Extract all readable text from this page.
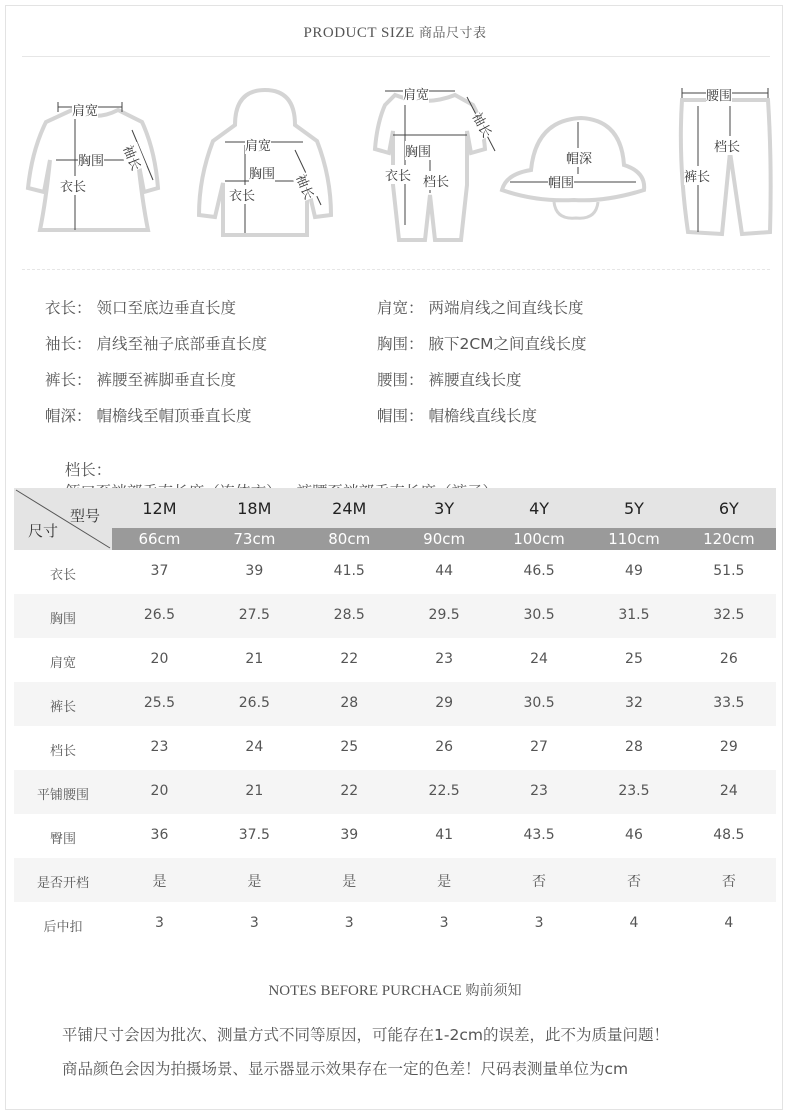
PRODUCT SIZE 商品尺寸表
肩宽
胸围 袖长
衣长
肩宽
胸围
衣长	袖长
肩宽
袖长
胸围
衣长 档长
帽深
帽围
腰围
档长
裤长
衣长： 领口至底边垂直长度	肩宽： 两端肩线之间直线长度
袖长： 肩线至袖子底部垂直长度	胸围： 腋下2CM之间直线长度
裤长： 裤腰至裤脚垂直长度	腰围： 裤腰直线长度
帽深： 帽檐线至帽顶垂直长度	帽围： 帽檐线直线长度

档长：

型号
尺寸
12M	18M	24M	3Y	4Y	5Y	6Y
66cm	73cm	80cm	90cm	100cm	110cm	120cm
衣长	37	39	41.5	44	46.5	49	51.5
胸围	26.5	27.5	28.5	29.5	30.5	31.5	32.5
肩宽	20	21	22	23	24	25	26
裤长	25.5	26.5	28	29	30.5	32	33.5
档长	23	24	25	26	27	28	29
平铺腰围	20	21	22	22.5	23	23.5	24
臀围	36	37.5	39	41	43.5	46	48.5
是否开档	是	是	是	是	否	否	否
后中扣	3	3	3	3	3	4	4
NOTES BEFORE PURCHACE 购前须知
平铺尺寸会因为批次、测量方式不同等原因，可能存在1-2cm的误差，此不为质量问题！
商品颜色会因为拍摄场景、显示器显示效果存在一定的色差！尺码表测量单位为cm
